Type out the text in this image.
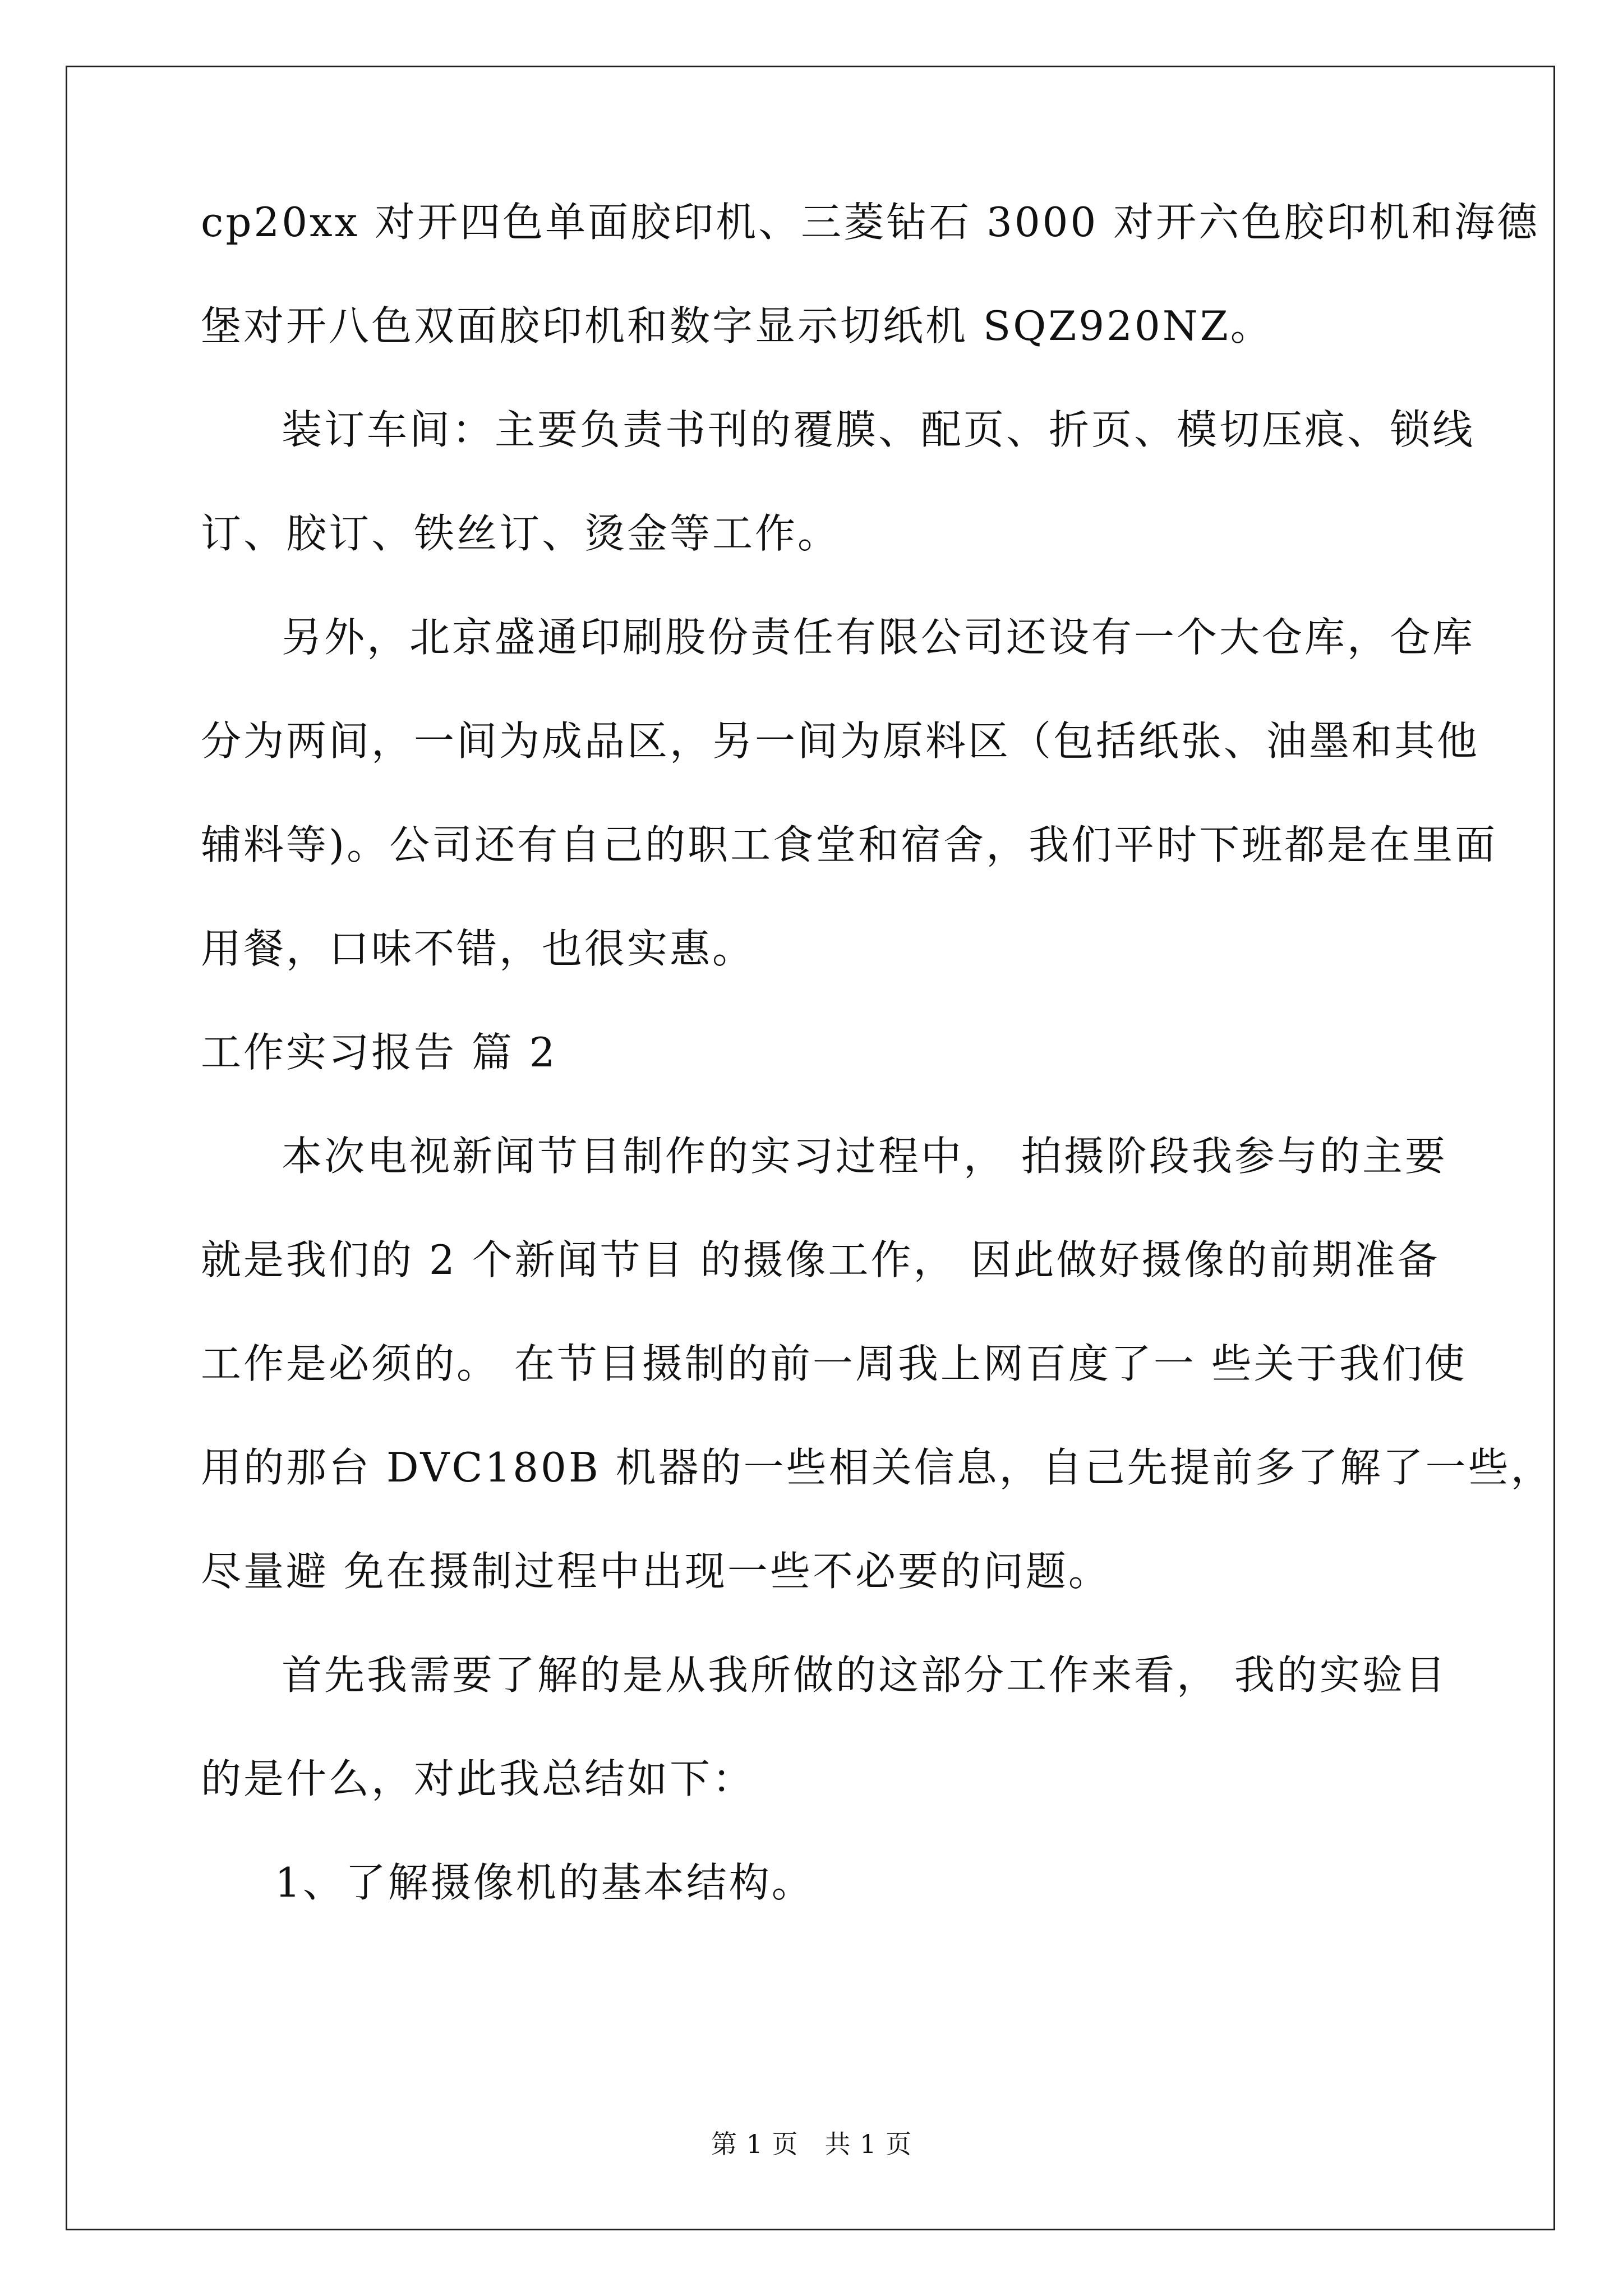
cp20xx 对开四色单面胶印机、三菱钻石 3000 对开六色胶印机和海德
堡对开八色双面胶印机和数字显示切纸机 SQZ920NZ。
装订车间：主要负责书刊的覆膜、配页、折页、模切压痕、锁线
订、胶订、铁丝订、烫金等工作。
另外，北京盛通印刷股份责任有限公司还设有一个大仓库，仓库
分为两间，一间为成品区，另一间为原料区（包括纸张、油墨和其他
辅料等)。公司还有自己的职工食堂和宿舍，我们平时下班都是在里面
用餐，口味不错，也很实惠。
工作实习报告 篇 2
本次电视新闻节目制作的实习过程中， 拍摄阶段我参与的主要
就是我们的 2 个新闻节目 的摄像工作， 因此做好摄像的前期准备
工作是必须的。 在节目摄制的前一周我上网百度了一 些关于我们使
用的那台 DVC180B 机器的一些相关信息，自己先提前多了解了一些，
尽量避 免在摄制过程中出现一些不必要的问题。
首先我需要了解的是从我所做的这部分工作来看， 我的实验目
的是什么，对此我总结如下：
1、了解摄像机的基本结构。
第 1 页　共 1 页
